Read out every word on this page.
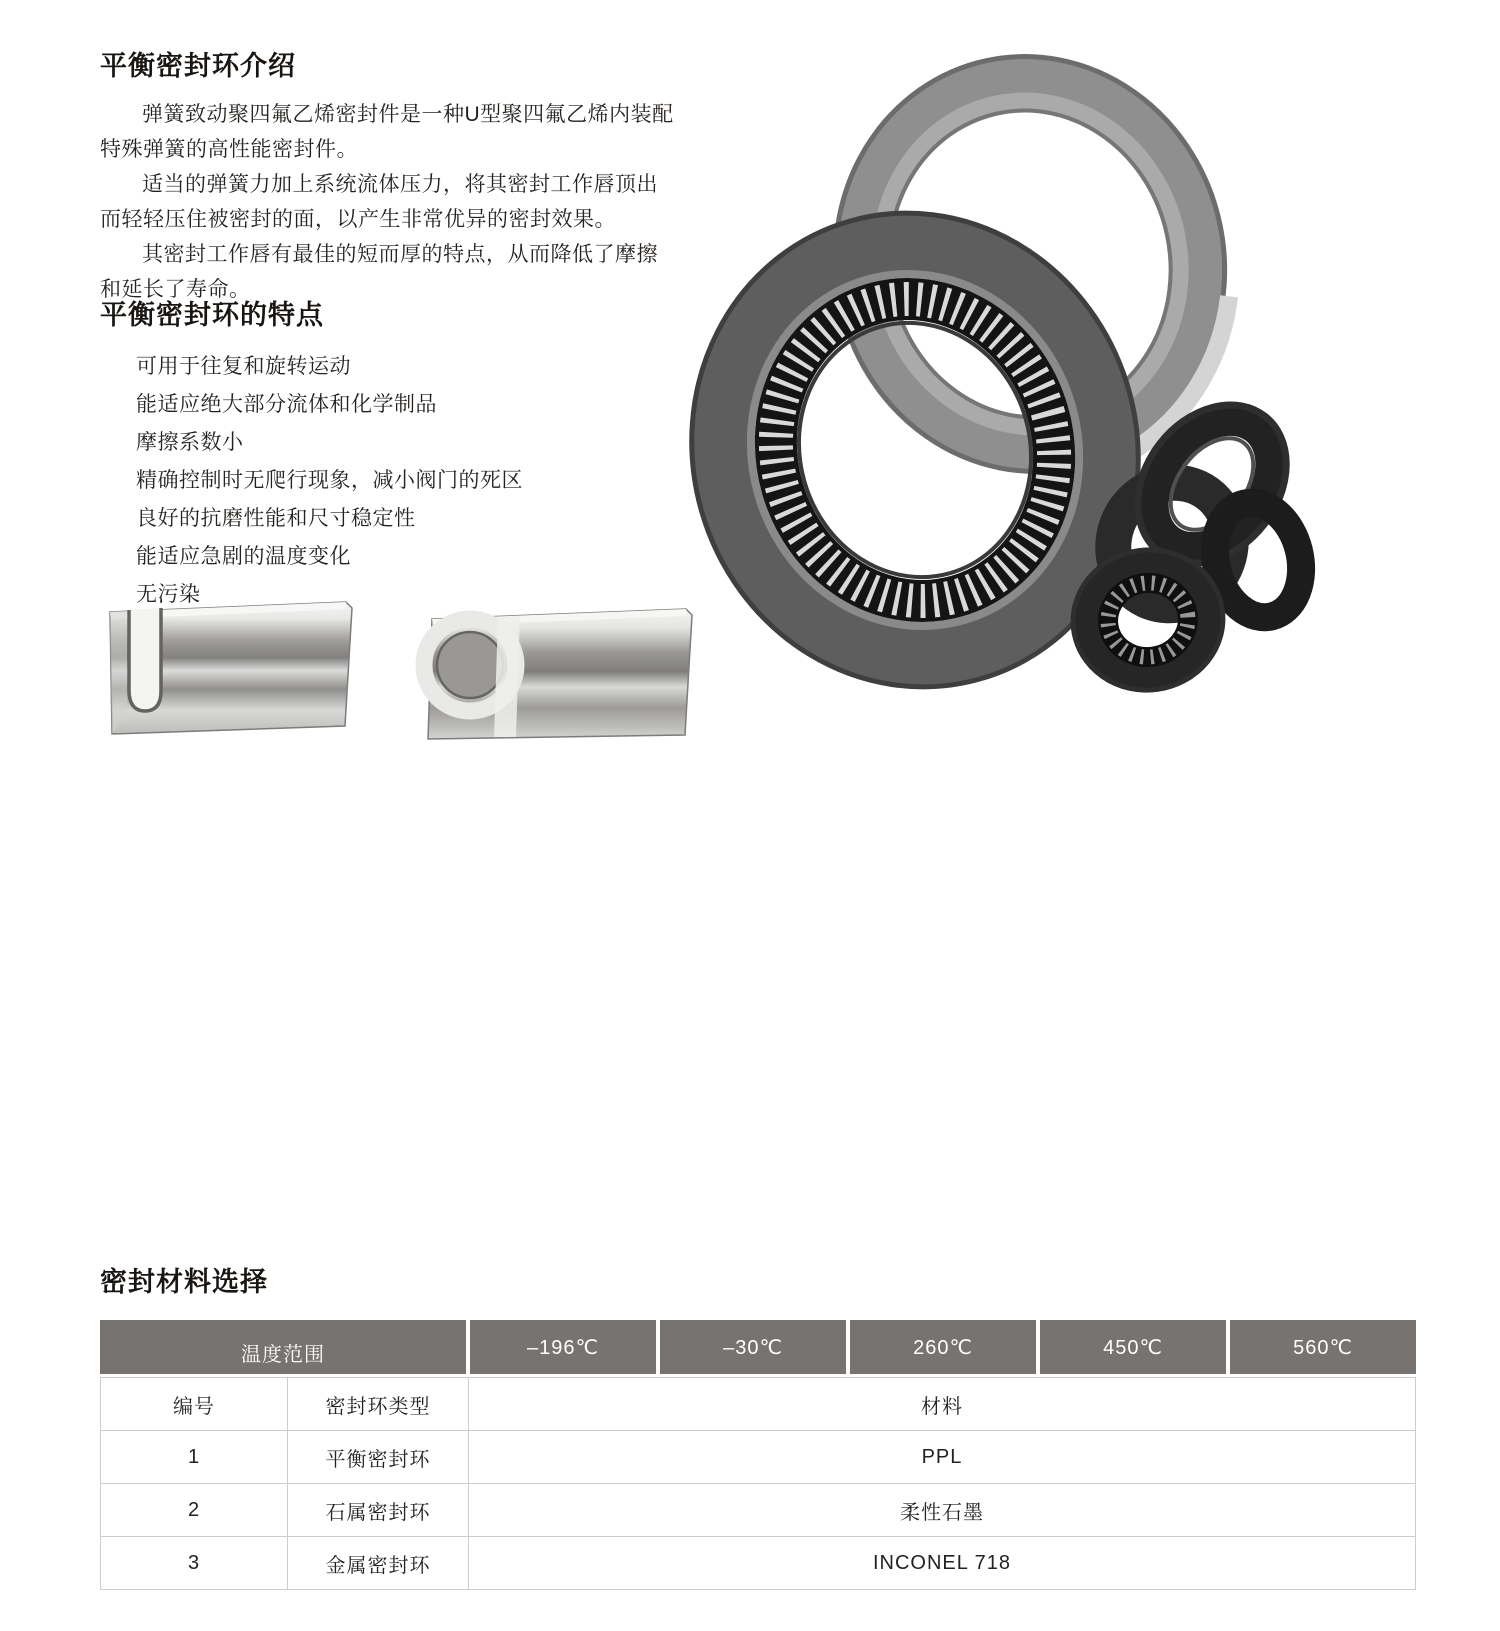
平衡密封环介绍

弹簧致动聚四氟乙烯密封件是一种U型聚四氟乙烯内装配特殊弹簧的高性能密封件。

适当的弹簧力加上系统流体压力，将其密封工作唇顶出而轻轻压住被密封的面，以产生非常优异的密封效果。

其密封工作唇有最佳的短而厚的特点，从而降低了摩擦和延长了寿命。

平衡密封环的特点
可用于往复和旋转运动
能适应绝大部分流体和化学制品
摩擦系数小
精确控制时无爬行现象，减小阀门的死区
良好的抗磨性能和尺寸稳定性
能适应急剧的温度变化
无污染
密封材料选择
温度范围	–196℃	–30℃	260℃	450℃	560℃
编号	密封环类型	材料
1	平衡密封环	PPL
2	石属密封环	柔性石墨
3	金属密封环	INCONEL 718
